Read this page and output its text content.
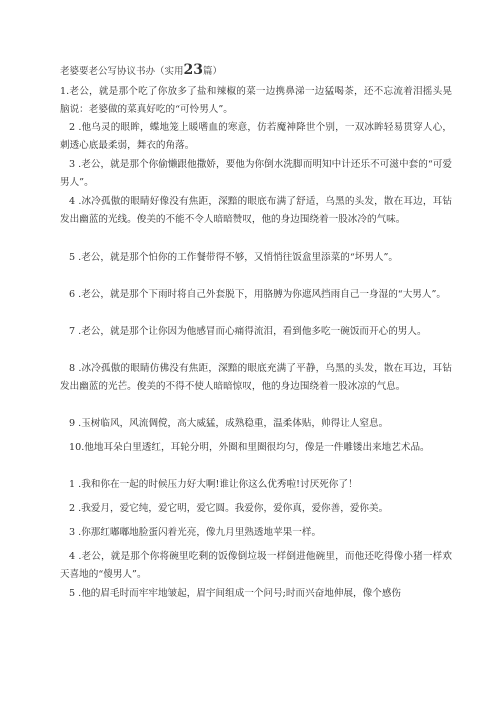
老婆要老公写协议书办（实用23篇）
1.老公，就是那个吃了你放多了盐和辣椒的菜一边携鼻涕一边猛喝茶，还不忘流着泪摇头晃脑说：老婆做的菜真好吃的“可怜男人”。
2 .他乌灵的眼眸，蝶地笼上暖嗜血的寒意，仿若魔神降世个别，一双冰眸轻易贯穿人心，刺透心底最柔弱，舞衣的角落。
3 .老公，就是那个你偷懒跟他撒娇，要他为你倒水洗脚而明知中计还乐不可滋中套的“可爱男人”。
4 .冰冷孤傲的眼睛好像没有焦距，深黯的眼底布满了舒适，乌黑的头发，散在耳边，耳钻发出幽蓝的光线。俊美的不能不令人暗暗赞叹，他的身边围绕着一股冰冷的气味。
5 .老公，就是那个怕你的工作餐带得不够，又悄悄往饭盒里添菜的“坏男人”。
6 .老公，就是那个下雨时将自己外套脱下，用胳膊为你遮风挡雨自己一身湿的“大男人”。
7 .老公，就是那个让你因为他感冒而心痛得流泪，看到他多吃一碗饭而开心的男人。
8 .冰冷孤傲的眼睛仿佛没有焦距，深黯的眼底充满了平静，乌黑的头发，散在耳边，耳钻发出幽蓝的光芒。俊美的不得不使人暗暗惊叹，他的身边围绕着一股冰凉的气息。
9 .玉树临风，风流倜傥，高大威猛，成熟稳重，温柔体贴，帅得让人窒息。
10.他地耳朵白里透红，耳轮分明，外圈和里圈很均匀，像是一件雕镂出来地艺术品。
1 .我和你在一起的时候压力好大啊!谁让你这么优秀啦!讨厌死你了！
2 .我爱月，爱它纯，爱它明，爱它圆。我爱你，爱你真，爱你善，爱你美。
3 .你那红嘟嘟地脸蛋闪着光亮，像九月里熟透地苹果一样。
4 .老公，就是那个你将碗里吃剩的饭像倒垃圾一样倒进他碗里，而他还吃得像小猪一样欢天喜地的“傻男人”。
5 .他的眉毛时而牢牢地皱起，眉宇间组成一个问号;时而兴奋地伸展，像个感伤
